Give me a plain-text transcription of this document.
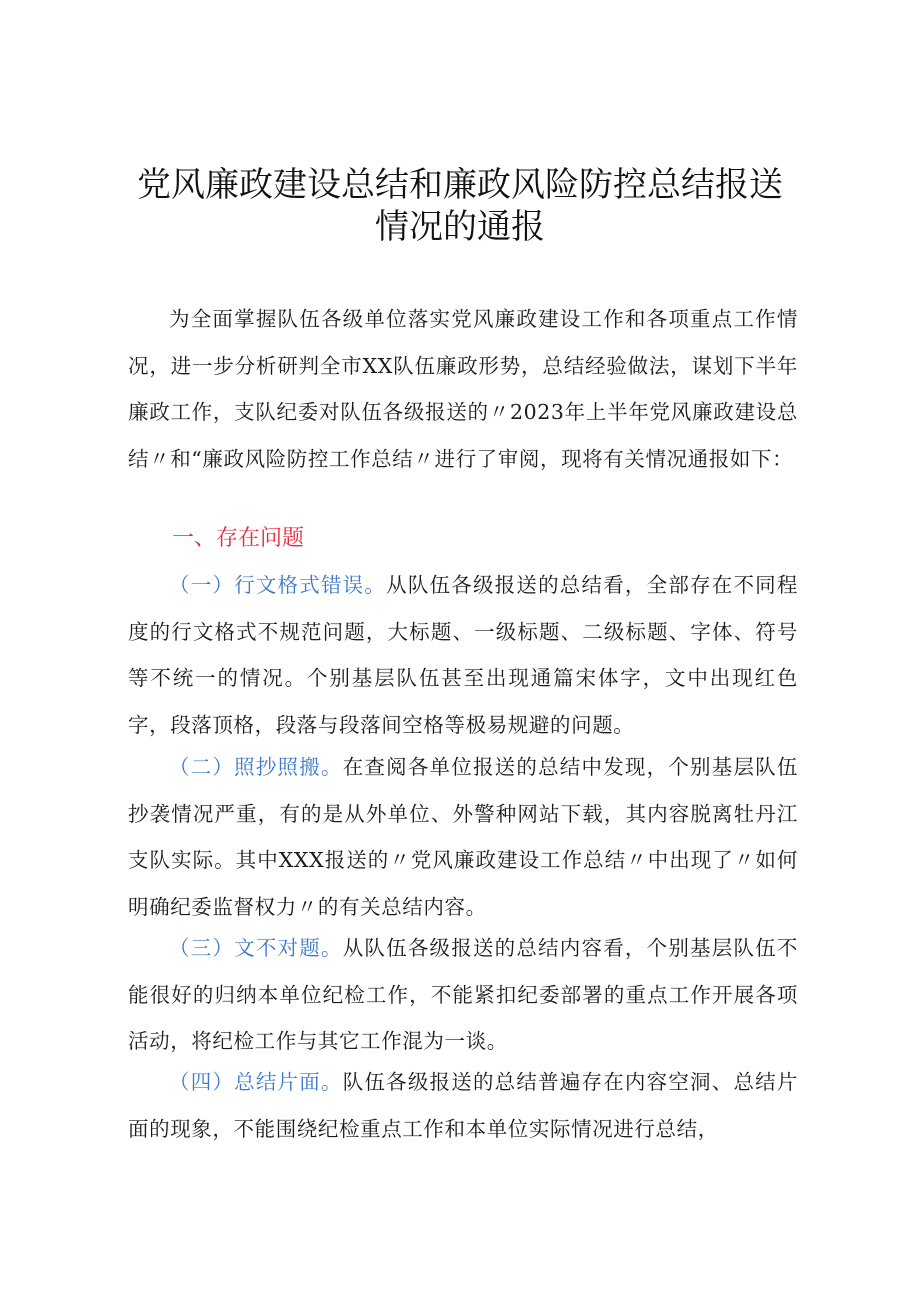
党风廉政建设总结和廉政风险防控总结报送
情况的通报

为全面掌握队伍各级单位落实党风廉政建设工作和各项重点工作情况，进一步分析研判全市XX队伍廉政形势，总结经验做法，谋划下半年廉政工作，支队纪委对队伍各级报送的〃2023年上半年党风廉政建设总结〃和“廉政风险防控工作总结〃进行了审阅，现将有关情况通报如下：

一、存在问题

（一）行文格式错误。从队伍各级报送的总结看，全部存在不同程度的行文格式不规范问题，大标题、一级标题、二级标题、字体、符号等不统一的情况。个别基层队伍甚至出现通篇宋体字，文中出现红色字，段落顶格，段落与段落间空格等极易规避的问题。

（二）照抄照搬。在查阅各单位报送的总结中发现，个别基层队伍抄袭情况严重，有的是从外单位、外警种网站下载，其内容脱离牡丹江支队实际。其中XXX报送的〃党风廉政建设工作总结〃中出现了〃如何明确纪委监督权力〃的有关总结内容。

（三）文不对题。从队伍各级报送的总结内容看，个别基层队伍不能很好的归纳本单位纪检工作，不能紧扣纪委部署的重点工作开展各项活动，将纪检工作与其它工作混为一谈。

（四）总结片面。队伍各级报送的总结普遍存在内容空洞、总结片面的现象，不能围绕纪检重点工作和本单位实际情况进行总结，
